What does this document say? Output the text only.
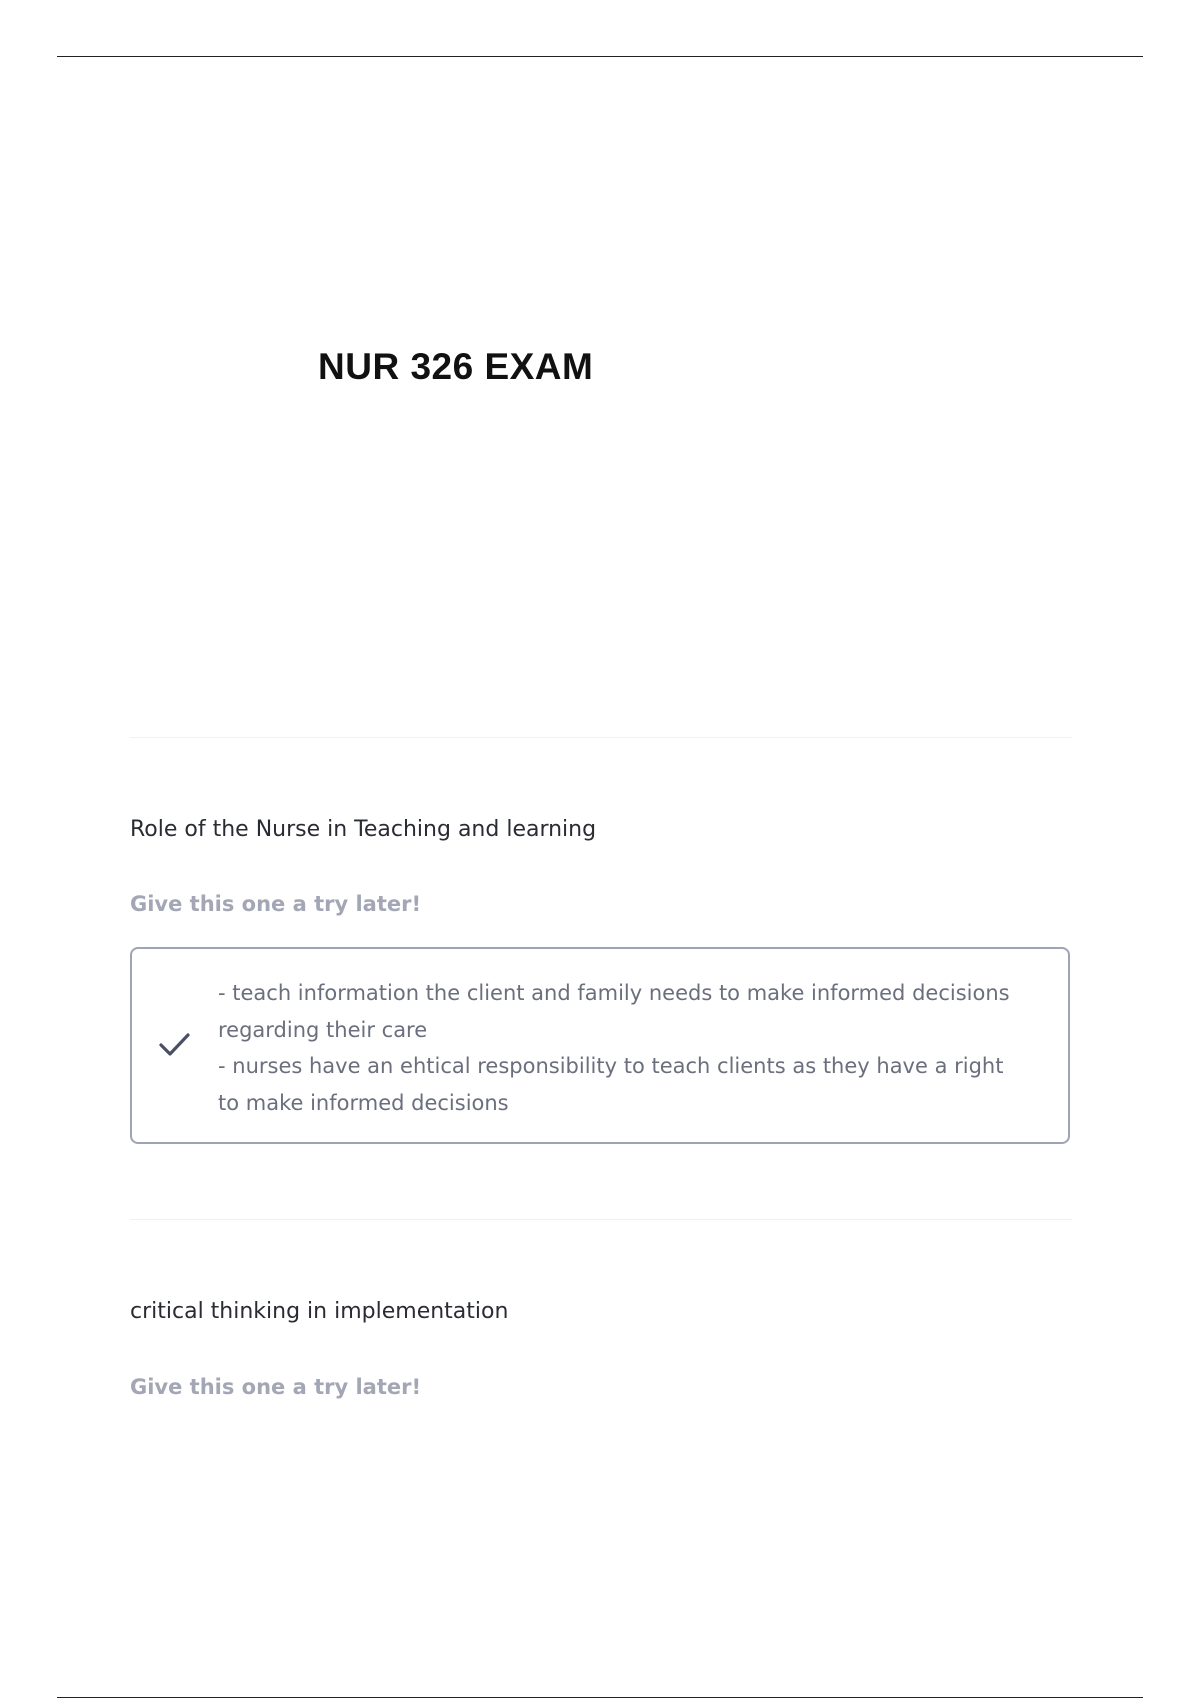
NUR 326 EXAM
Role of the Nurse in Teaching and learning
Give this one a try later!
- teach information the client and family needs to make informed decisions
regarding their care
- nurses have an ehtical responsibility to teach clients as they have a right
to make informed decisions
critical thinking in implementation
Give this one a try later!
